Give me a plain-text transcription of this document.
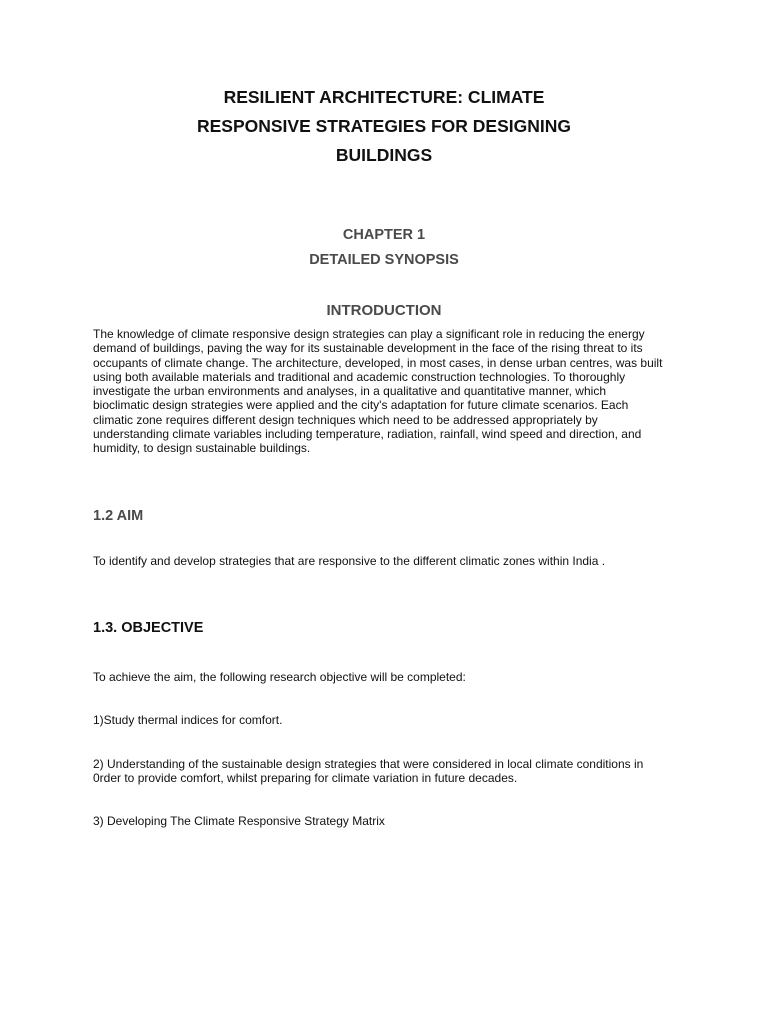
RESILIENT ARCHITECTURE: CLIMATE
RESPONSIVE STRATEGIES FOR DESIGNING
BUILDINGS
CHAPTER 1
DETAILED SYNOPSIS
INTRODUCTION
The knowledge of climate responsive design strategies can play a significant role in reducing the energy
demand of buildings, paving the way for its sustainable development in the face of the rising threat to its
occupants of climate change. The architecture, developed, in most cases, in dense urban centres, was built
using both available materials and traditional and academic construction technologies. To thoroughly
investigate the urban environments and analyses, in a qualitative and quantitative manner, which
bioclimatic design strategies were applied and the city's adaptation for future climate scenarios. Each
climatic zone requires different design techniques which need to be addressed appropriately by
understanding climate variables including temperature, radiation, rainfall, wind speed and direction, and
humidity, to design sustainable buildings.
1.2 AIM
To identify and develop strategies that are responsive to the different climatic zones within India .
1.3. OBJECTIVE
To achieve the aim, the following research objective will be completed:
1)Study thermal indices for comfort.
2) Understanding of the sustainable design strategies that were considered in local climate conditions in
0rder to provide comfort, whilst preparing for climate variation in future decades.
3) Developing The Climate Responsive Strategy Matrix
